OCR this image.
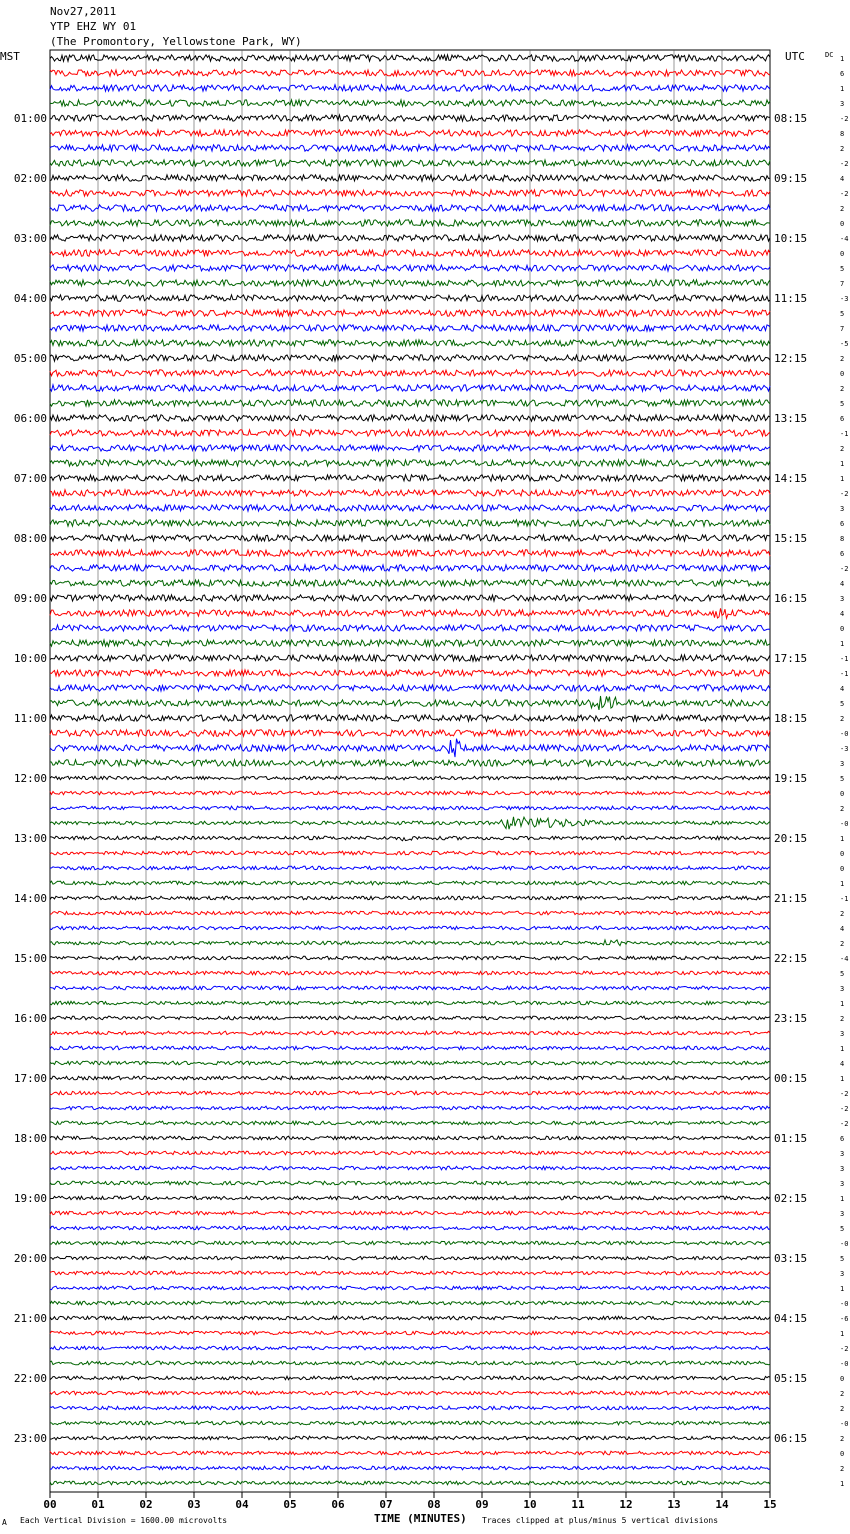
Nov27,2011
YTP EHZ WY 01
(The Promontory, Yellowstone Park, WY)
00	01	02	03	04	05	06	07	08	09	10	11	12	13	14	15
MST	UTC	DC
01:00	08:15
02:00	09:15
03:00	10:15
04:00	11:15
05:00	12:15
06:00	13:15
07:00	14:15
08:00	15:15
09:00	16:15
10:00	17:15
11:00	18:15
12:00	19:15
13:00	20:15
14:00	21:15
15:00	22:15
16:00	23:15
17:00	00:15
18:00	01:15
19:00	02:15
20:00	03:15
21:00	04:15
22:00	05:15
23:00	06:15
1
6
1
3
-2
8
2
-2
4
-2
2
0
-4
0
5
7
-3
5
7
-5
2
0
2
5
6
-1
2
1
1
-2
3
6
8
6
-2
4
3
4
0
1
-1
-1
4
5
2
-0
-3
3
5
0
2
-0
1
0
0
1
-1
2
4
2
-4
5
3
1
2
3
1
4
1
-2
-2
-2
6
3
3
3
1
3
5
-0
5
3
1
-0
-6
1
-2
-0
0
2
2
-0
2
0
2
1
A Each Vertical Division = 1600.00 microvolts	TIME (MINUTES) Traces clipped at plus/minus 5 vertical divisions
